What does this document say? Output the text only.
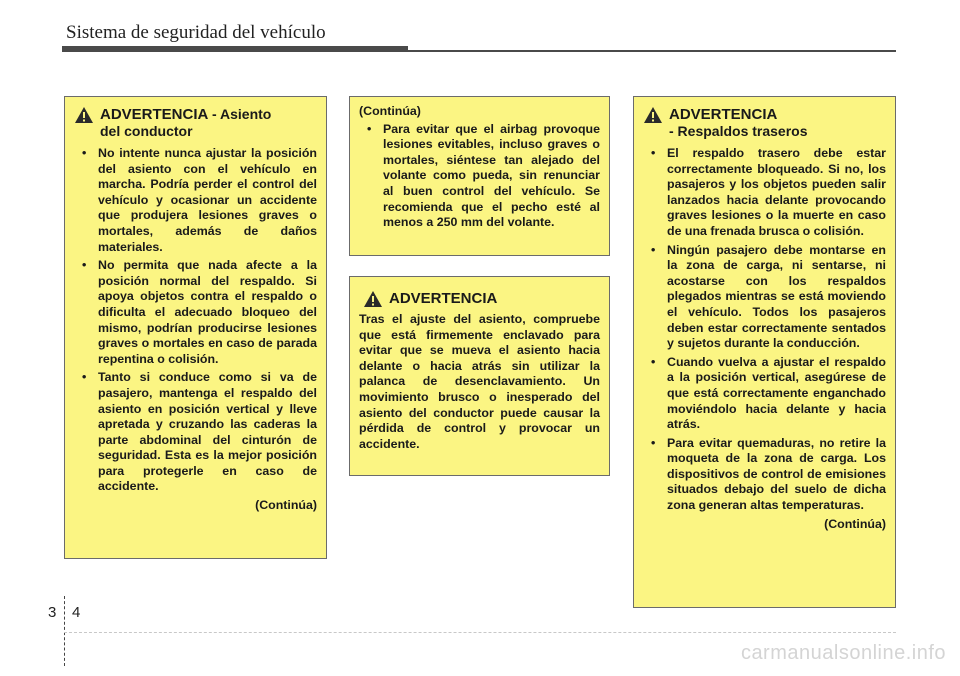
Sistema de seguridad del vehículo
ADVERTENCIA - Asiento
del conductor
• No intente nunca ajustar la posición del asiento con el vehículo en marcha. Podría perder el control del vehículo y ocasionar un accidente que produjera lesiones graves o mortales, además de daños materiales.
• No permita que nada afecte a la posición normal del respaldo. Si apoya objetos contra el respaldo o dificulta el adecuado bloqueo del mismo, podrían producirse lesiones graves o mortales en caso de parada repentina o colisión.
• Tanto si conduce como si va de pasajero, mantenga el respaldo del asiento en posición vertical y lleve apretada y cruzando las caderas la parte abdominal del cinturón de seguridad. Esta es la mejor posición para protegerle en caso de accidente.
(Continúa)
(Continúa)
• Para evitar que el airbag provoque lesiones evitables, incluso graves o mortales, siéntese tan alejado del volante como pueda, sin renunciar al buen control del vehículo. Se recomienda que el pecho esté al menos a 250 mm del volante.
ADVERTENCIA
Tras el ajuste del asiento, compruebe que está firmemente enclavado para evitar que se mueva el asiento hacia delante o hacia atrás sin utilizar la palanca de desenclavamiento. Un movimiento brusco o inesperado del asiento del conductor puede causar la pérdida de control y provocar un accidente.
ADVERTENCIA
- Respaldos traseros
• El respaldo trasero debe estar correctamente bloqueado. Si no, los pasajeros y los objetos pueden salir lanzados hacia delante provocando graves lesiones o la muerte en caso de una frenada brusca o colisión.
• Ningún pasajero debe montarse en la zona de carga, ni sentarse, ni acostarse con los respaldos plegados mientras se está moviendo el vehículo. Todos los pasajeros deben estar correctamente sentados y sujetos durante la conducción.
• Cuando vuelva a ajustar el respaldo a la posición vertical, asegúrese de que está correctamente enganchado moviéndolo hacia delante y hacia atrás.
• Para evitar quemaduras, no retire la moqueta de la zona de carga. Los dispositivos de control de emisiones situados debajo del suelo de dicha zona generan altas temperaturas.
(Continúa)
3 4
carmanualsonline.info
